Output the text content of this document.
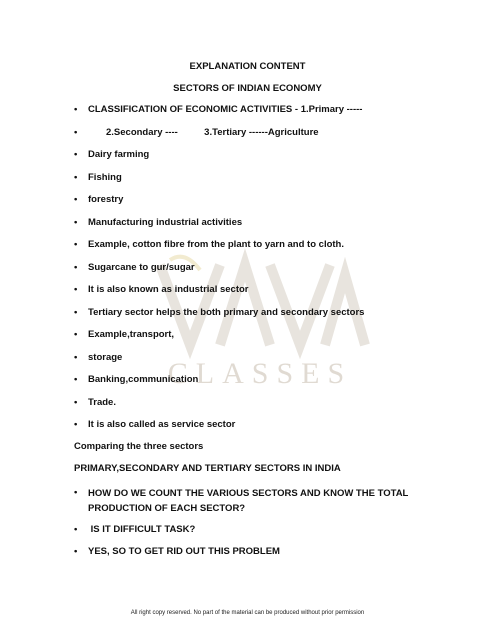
CLASSES
EXPLANATION CONTENT
SECTORS OF INDIAN ECONOMY
•	CLASSIFICATION OF ECONOMIC ACTIVITIES - 1.Primary -----
•	2.Secondary ----          3.Tertiary ------Agriculture
•	Dairy farming
•	Fishing
•	forestry
•	Manufacturing industrial activities
•	Example, cotton fibre from the plant to yarn and to cloth.
•	Sugarcane to gur/sugar
•	It is also known as industrial sector
•	Tertiary sector helps the both primary and secondary sectors
•	Example,transport,
•	storage
•	Banking,communication
•	Trade.
•	It is also called as service sector
Comparing the three sectors
PRIMARY,SECONDARY AND TERTIARY SECTORS IN INDIA
•	HOW DO WE COUNT THE VARIOUS SECTORS AND KNOW THE TOTAL PRODUCTION OF EACH SECTOR?
•	IS IT DIFFICULT TASK?
•	YES, SO TO GET RID OUT THIS PROBLEM
All right copy reserved. No part of the material can be produced without prior permission
